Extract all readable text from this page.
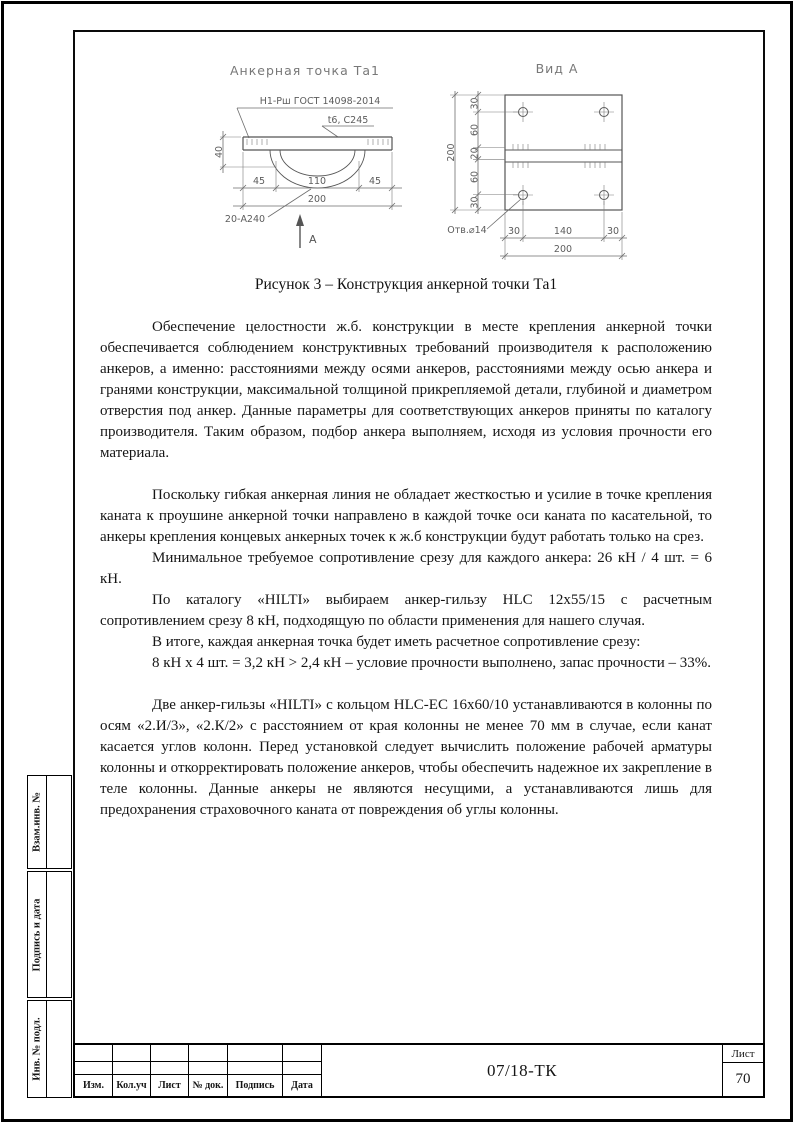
Анкерная точка Та1
Н1-Рш ГОСТ 14098-2014
t6, С245
45	110	45
200
40
20-А240
А
Вид А
30
60
20
60
30
200
30	140	30
200
Отв.⌀14
Рисунок 3 – Конструкция анкерной точки Та1

Обеспечение целостности ж.б. конструкции в месте крепления анкерной точки обеспечивается соблюдением конструктивных требований производителя к расположению анкеров, а именно: расстояниями между осями анкеров, расстояниями между осью анкера и гранями конструкции, максимальной толщиной прикрепляемой детали, глубиной и диаметром отверстия под анкер. Данные параметры для соответствующих анкеров приняты по каталогу производителя. Таким образом, подбор анкера выполняем, исходя из условия прочности его материала.

Поскольку гибкая анкерная линия не обладает жесткостью и усилие в точке крепления каната к проушине анкерной точки направлено в каждой точке оси каната по касательной, то анкеры крепления концевых анкерных точек к ж.б конструкции будут работать только на срез.

Минимальное требуемое сопротивление срезу для каждого анкера: 26 кН / 4 шт. = 6 кН.

По каталогу «HILTI» выбираем анкер-гильзу HLC 12x55/15 с расчетным сопротивлением срезу 8 кН, подходящую по области применения для нашего случая.

В итоге, каждая анкерная точка будет иметь расчетное сопротивление срезу:

8 кН х 4 шт. = 3,2 кН > 2,4 кН – условие прочности выполнено, запас прочности – 33%.

Две анкер-гильзы «HILTI» с кольцом HLC-EC 16x60/10 устанавливаются в колонны по осям «2.И/3», «2.К/2» с расстоянием от края колонны не менее 70 мм в случае, если канат касается углов колонн. Перед установкой следует вычислить положение рабочей арматуры колонны и откорректировать положение анкеров, чтобы обеспечить надежное их закрепление в теле колонны. Данные анкеры не являются несущими, а устанавливаются лишь для предохранения страховочного каната от повреждения об углы колонны.

Взам.инв. №
Подпись и дата
Инв. № подл.
Изм.	Кол.уч	Лист	№ док.	Подпись	Дата
07/18-ТК
Лист
70
